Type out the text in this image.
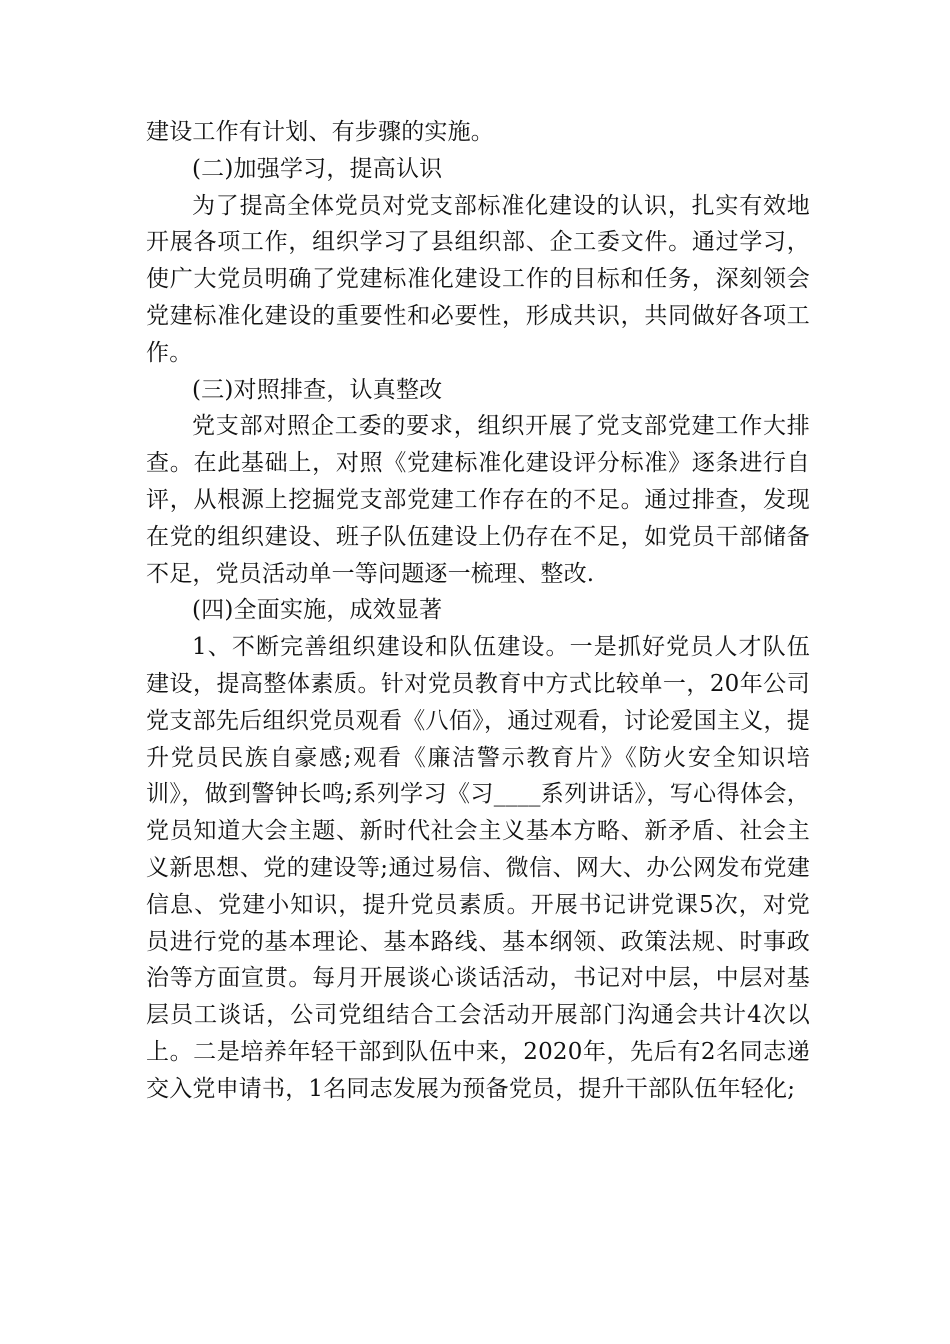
建设工作有计划、有步骤的实施。

(二)加强学习，提高认识

为了提高全体党员对党支部标准化建设的认识，扎实有效地开展各项工作，组织学习了县组织部、企工委文件。通过学习，使广大党员明确了党建标准化建设工作的目标和任务，深刻领会党建标准化建设的重要性和必要性，形成共识，共同做好各项工作。

(三)对照排查，认真整改

党支部对照企工委的要求，组织开展了党支部党建工作大排查。在此基础上，对照《党建标准化建设评分标准》逐条进行自评，从根源上挖掘党支部党建工作存在的不足。通过排查，发现在党的组织建设、班子队伍建设上仍存在不足，如党员干部储备不足，党员活动单一等问题逐一梳理、整改.

(四)全面实施，成效显著

1、不断完善组织建设和队伍建设。一是抓好党员人才队伍建设，提高整体素质。针对党员教育中方式比较单一，20年公司党支部先后组织党员观看《八佰》，通过观看，讨论爱国主义，提升党员民族自豪感;观看《廉洁警示教育片》《防火安全知识培训》，做到警钟长鸣;系列学习《习____系列讲话》，写心得体会，党员知道大会主题、新时代社会主义基本方略、新矛盾、社会主义新思想、党的建设等;通过易信、微信、网大、办公网发布党建信息、党建小知识，提升党员素质。开展书记讲党课5次，对党员进行党的基本理论、基本路线、基本纲领、政策法规、时事政治等方面宣贯。每月开展谈心谈话活动，书记对中层，中层对基层员工谈话，公司党组结合工会活动开展部门沟通会共计4次以上。二是培养年轻干部到队伍中来，2020年，先后有2名同志递交入党申请书，1名同志发展为预备党员，提升干部队伍年轻化;
